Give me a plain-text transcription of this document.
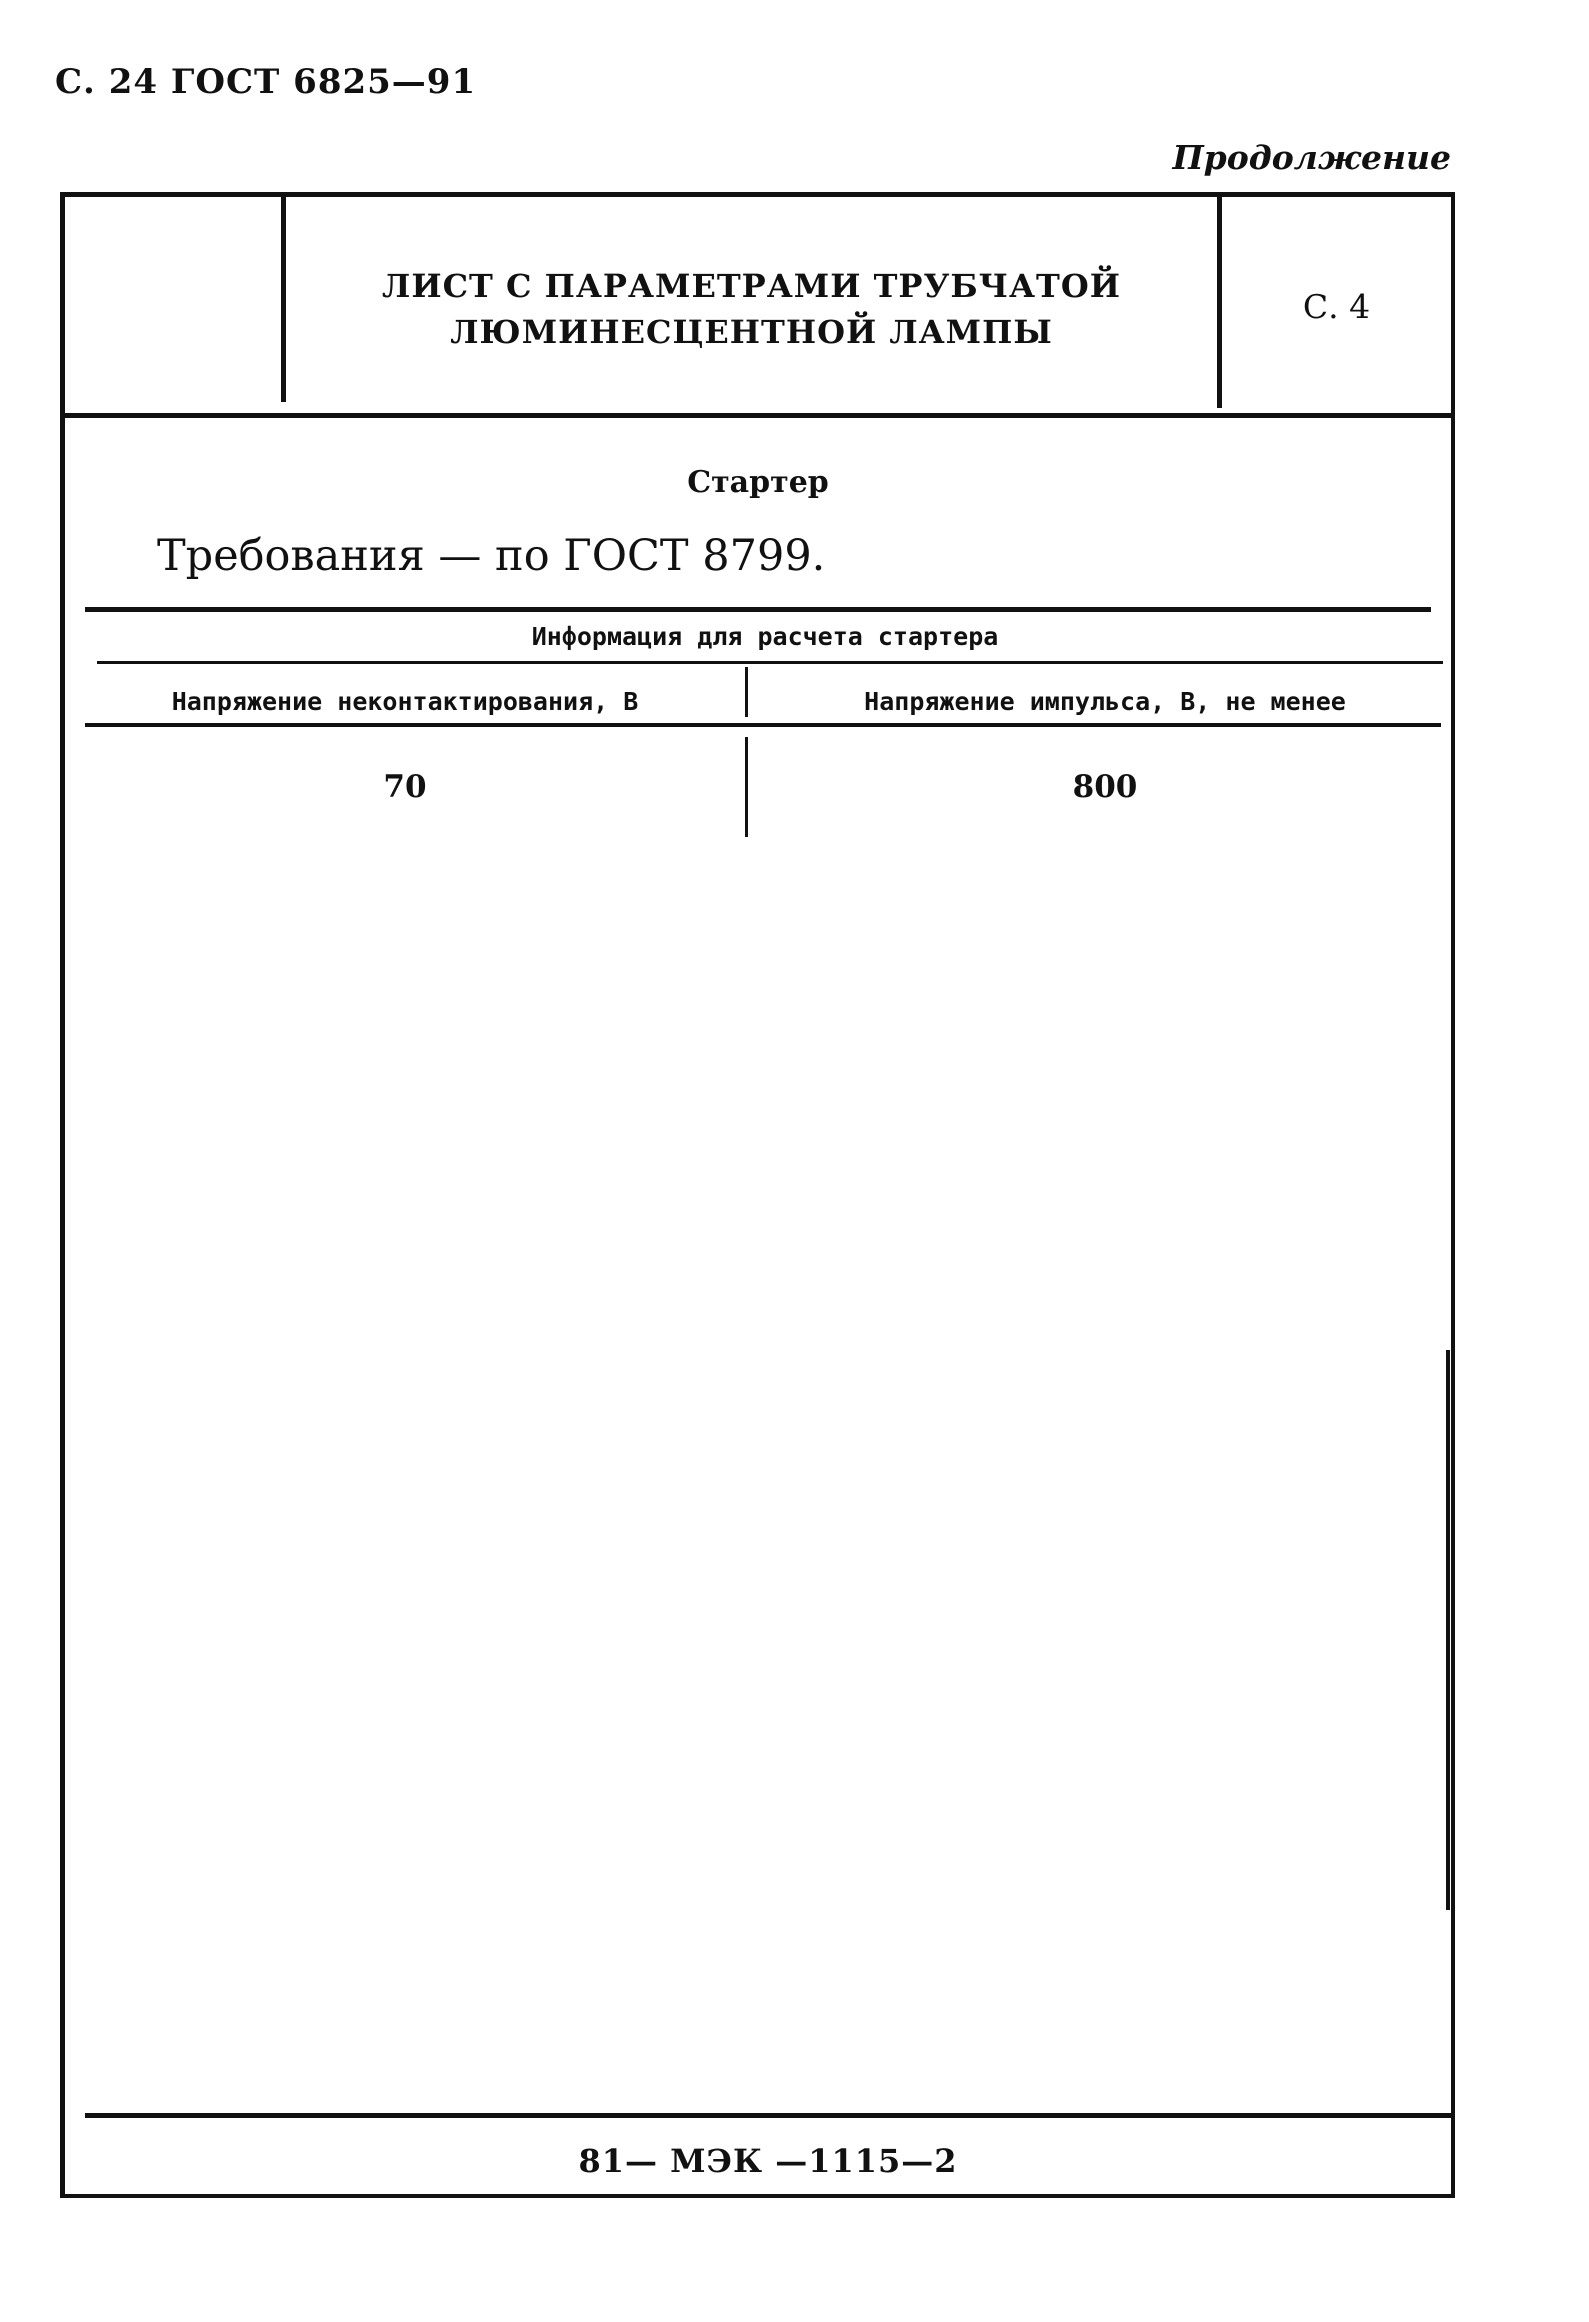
С. 24 ГОСТ 6825—91
Продолжение
ЛИСТ С ПАРАМЕТРАМИ ТРУБЧАТОЙ
ЛЮМИНЕСЦЕНТНОЙ ЛАМПЫ
С. 4
Стартер
Требования — по ГОСТ 8799.
Информация для расчета стартера
Напряжение неконтактирования, В	Напряжение импульса, В, не менее
70	800
81— МЭК —1115—2
